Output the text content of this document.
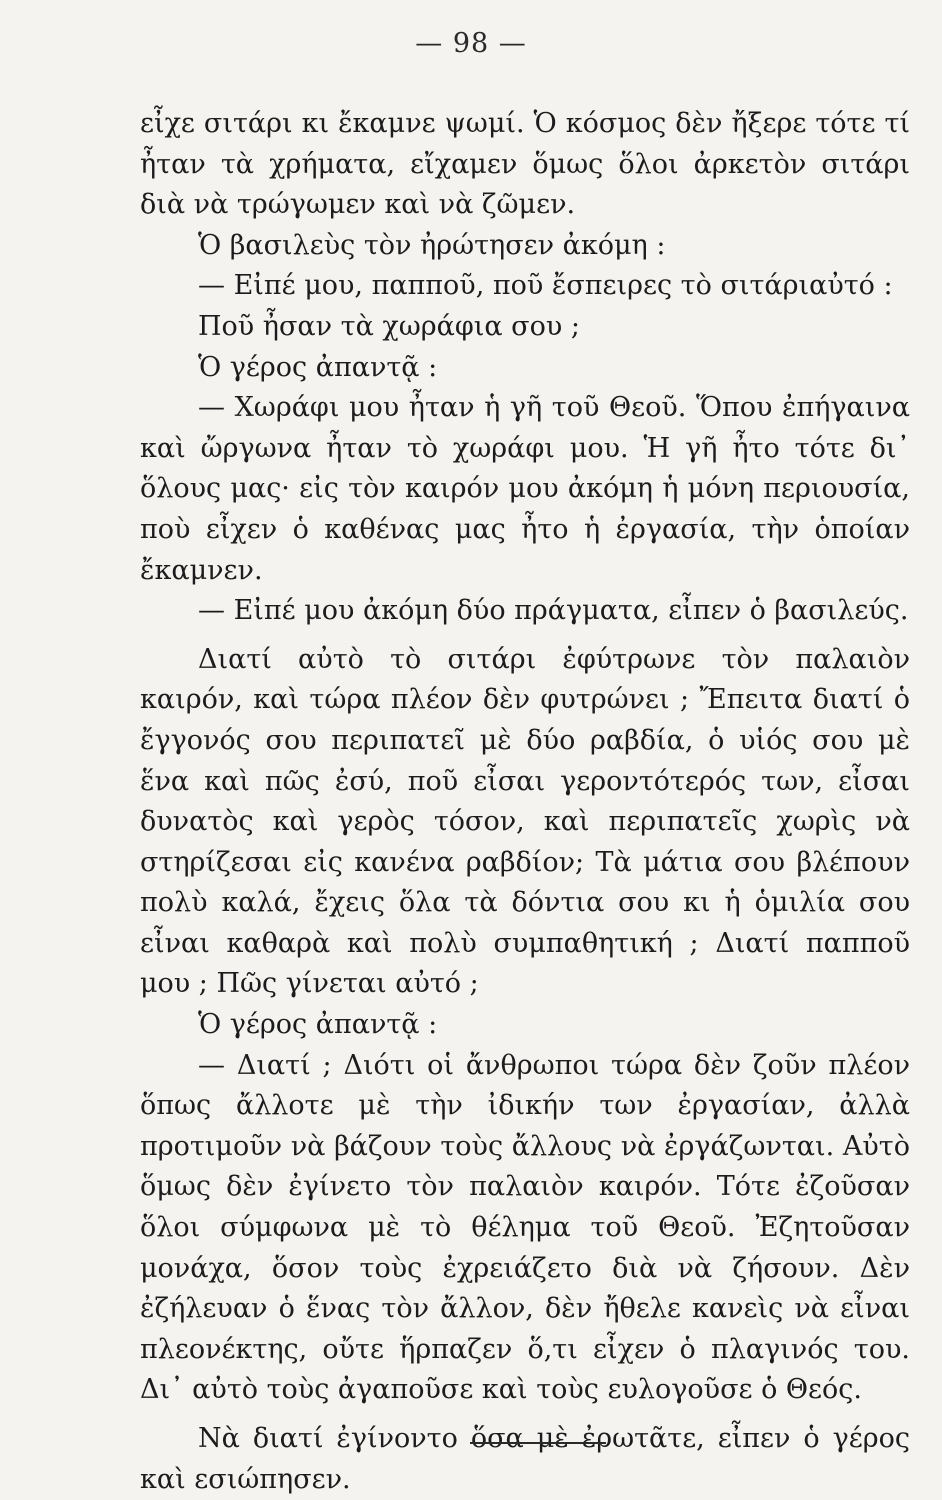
— 98 —

εἶχε σιτάρι κι ἔκαμνε ψωμί. Ὁ κόσμος δὲν ἤξερε τότε τί ἦταν τὰ χρήματα, εἴχαμεν ὅμως ὅλοι ἀρκετὸν σιτάρι διὰ νὰ τρώγωμεν καὶ νὰ ζῶμεν.

Ὁ βασιλεὺς τὸν ἠρώτησεν ἀκόμη :

— Εἰπέ μου, παπποῦ, ποῦ ἔσπειρες τὸ σιτάριαὐτό :

Ποῦ ἦσαν τὰ χωράφια σου ;

Ὁ γέρος ἀπαντᾷ :

— Χωράφι μου ἦταν ἡ γῆ τοῦ Θεοῦ. Ὅπου ἐπήγαινα καὶ ὤργωνα ἦταν τὸ χωράφι μου. Ἡ γῆ ἦτο τότε δι᾽ ὅλους μας· εἰς τὸν καιρόν μου ἀκόμη ἡ μόνη περιουσία, ποὺ εἶχεν ὁ καθένας μας ἦτο ἡ ἐργασία, τὴν ὁποίαν ἔκαμνεν.

— Εἰπέ μου ἀκόμη δύο πράγματα, εἶπεν ὁ βασιλεύς.

Διατί αὐτὸ τὸ σιτάρι ἐφύτρωνε τὸν παλαιὸν καιρόν, καὶ τώρα πλέον δὲν φυτρώνει ; Ἔπειτα διατί ὁ ἔγγονός σου περιπατεῖ μὲ δύο ραβδία, ὁ υἱός σου μὲ ἕνα καὶ πῶς ἐσύ, ποῦ εἶσαι γεροντότερός των, εἶσαι δυνατὸς καὶ γερὸς τόσον, καὶ περιπατεῖς χωρὶς νὰ στηρίζεσαι εἰς κανένα ραβδίον; Τὰ μάτια σου βλέπουν πολὺ καλά, ἔχεις ὅλα τὰ δόντια σου κι ἡ ὁμιλία σου εἶναι καθαρὰ καὶ πολὺ συμπαθητική ; Διατί παπποῦ μου ; Πῶς γίνεται αὐτό ;

Ὁ γέρος ἀπαντᾷ :

— Διατί ; Διότι οἱ ἄνθρωποι τώρα δὲν ζοῦν πλέον ὅπως ἄλλοτε μὲ τὴν ἰδικήν των ἐργασίαν, ἀλλὰ προτιμοῦν νὰ βάζουν τοὺς ἄλλους νὰ ἐργάζωνται. Αὐτὸ ὅμως δὲν ἐγίνετο τὸν παλαιὸν καιρόν. Τότε ἐζοῦσαν ὅλοι σύμφωνα μὲ τὸ θέλημα τοῦ Θεοῦ. Ἐζητοῦσαν μονάχα, ὅσον τοὺς ἐχρειάζετο διὰ νὰ ζήσουν. Δὲν ἐζήλευαν ὁ ἕνας τὸν ἄλλον, δὲν ἤθελε κανεὶς νὰ εἶναι πλεονέκτης, οὔτε ἥρπαζεν ὅ,τι εἶχεν ὁ πλαγινός του. Δι᾽ αὐτὸ τοὺς ἀγαποῦσε καὶ τοὺς ευλογοῦσε ὁ Θεός.

Νὰ διατί ἐγίνοντο ὅσα μὲ ἐρωτᾶτε, εἶπεν ὁ γέρος καὶ εσιώπησεν.
